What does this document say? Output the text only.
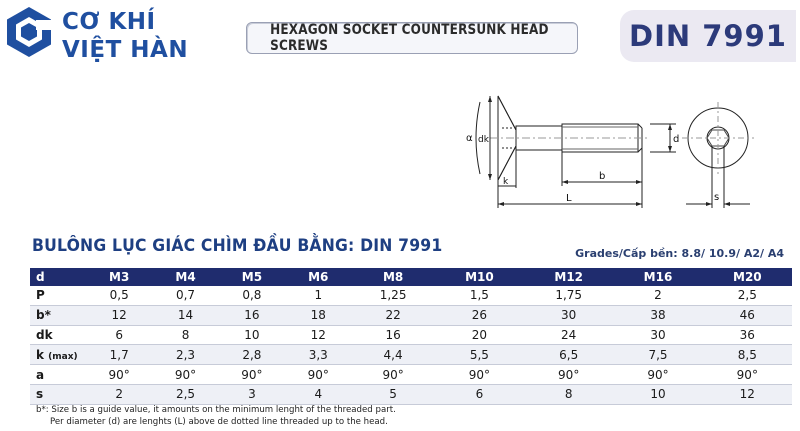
CƠ KHÍ
VIỆT HÀN
HEXAGON SOCKET COUNTERSUNK HEAD SCREWS	DIN 7991
α dk
k	b
L
d
s
BULÔNG LỤC GIÁC CHÌM ĐẦU BẰNG: DIN 7991	Grades/Cấp bền: 8.8/ 10.9/ A2/ A4
d	M3	M4	M5	M6	M8	M10	M12	M16	M20
P	0,5	0,7	0,8	1	1,25	1,5	1,75	2	2,5
b*	12	14	16	18	22	26	30	38	46
dk	6	8	10	12	16	20	24	30	36
k (max)	1,7	2,3	2,8	3,3	4,4	5,5	6,5	7,5	8,5
a	90°	90°	90°	90°	90°	90°	90°	90°	90°
s	2	2,5	3	4	5	6	8	10	12
b*: Size b is a guide value, it amounts on the minimum lenght of the threaded part.
Per diameter (d) are lenghts (L) above de dotted line threaded up to the head.
